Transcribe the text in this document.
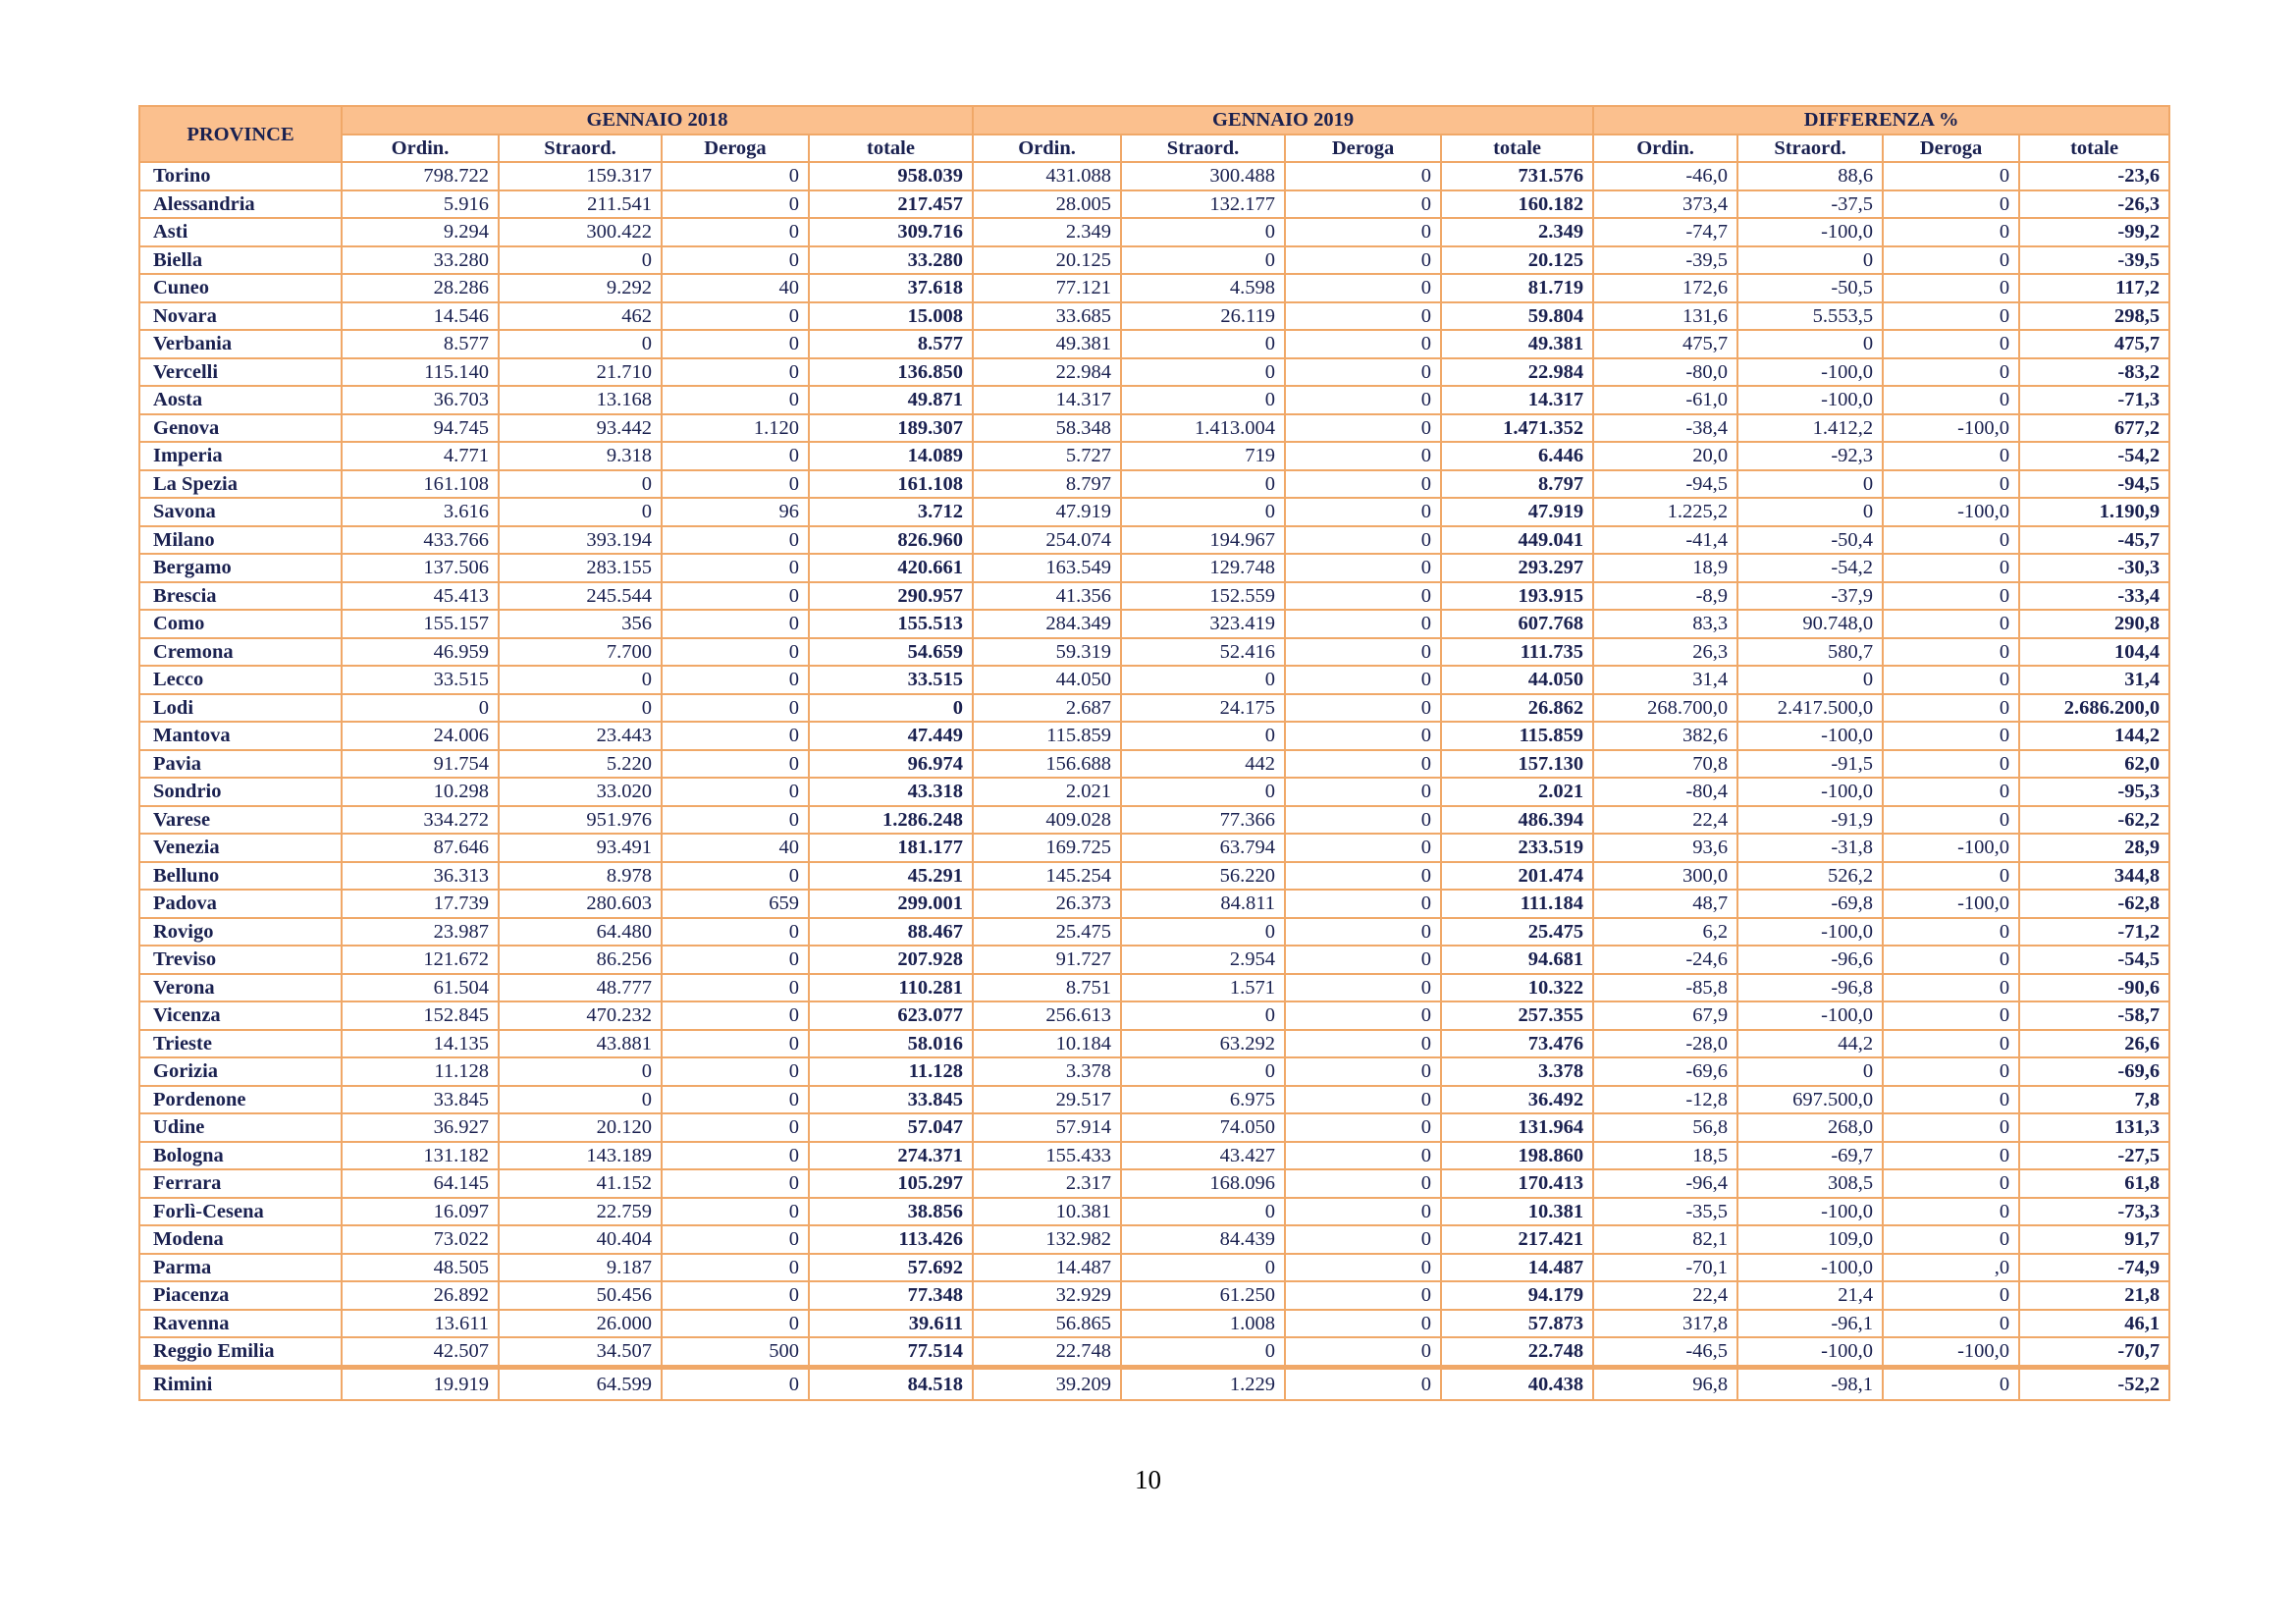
PROVINCE	GENNAIO 2018				GENNAIO 2019				DIFFERENZA %			
	Ordin.	Straord.	Deroga	totale	Ordin.	Straord.	Deroga	totale	Ordin.	Straord.	Deroga	totale
Torino	798.722	159.317	0	958.039	431.088	300.488	0	731.576	-46,0	88,6	0	-23,6
Alessandria	5.916	211.541	0	217.457	28.005	132.177	0	160.182	373,4	-37,5	0	-26,3
Asti	9.294	300.422	0	309.716	2.349	0	0	2.349	-74,7	-100,0	0	-99,2
Biella	33.280	0	0	33.280	20.125	0	0	20.125	-39,5	0	0	-39,5
Cuneo	28.286	9.292	40	37.618	77.121	4.598	0	81.719	172,6	-50,5	0	117,2
Novara	14.546	462	0	15.008	33.685	26.119	0	59.804	131,6	5.553,5	0	298,5
Verbania	8.577	0	0	8.577	49.381	0	0	49.381	475,7	0	0	475,7
Vercelli	115.140	21.710	0	136.850	22.984	0	0	22.984	-80,0	-100,0	0	-83,2
Aosta	36.703	13.168	0	49.871	14.317	0	0	14.317	-61,0	-100,0	0	-71,3
Genova	94.745	93.442	1.120	189.307	58.348	1.413.004	0	1.471.352	-38,4	1.412,2	-100,0	677,2
Imperia	4.771	9.318	0	14.089	5.727	719	0	6.446	20,0	-92,3	0	-54,2
La Spezia	161.108	0	0	161.108	8.797	0	0	8.797	-94,5	0	0	-94,5
Savona	3.616	0	96	3.712	47.919	0	0	47.919	1.225,2	0	-100,0	1.190,9
Milano	433.766	393.194	0	826.960	254.074	194.967	0	449.041	-41,4	-50,4	0	-45,7
Bergamo	137.506	283.155	0	420.661	163.549	129.748	0	293.297	18,9	-54,2	0	-30,3
Brescia	45.413	245.544	0	290.957	41.356	152.559	0	193.915	-8,9	-37,9	0	-33,4
Como	155.157	356	0	155.513	284.349	323.419	0	607.768	83,3	90.748,0	0	290,8
Cremona	46.959	7.700	0	54.659	59.319	52.416	0	111.735	26,3	580,7	0	104,4
Lecco	33.515	0	0	33.515	44.050	0	0	44.050	31,4	0	0	31,4
Lodi	0	0	0	0	2.687	24.175	0	26.862	268.700,0	2.417.500,0	0	2.686.200,0
Mantova	24.006	23.443	0	47.449	115.859	0	0	115.859	382,6	-100,0	0	144,2
Pavia	91.754	5.220	0	96.974	156.688	442	0	157.130	70,8	-91,5	0	62,0
Sondrio	10.298	33.020	0	43.318	2.021	0	0	2.021	-80,4	-100,0	0	-95,3
Varese	334.272	951.976	0	1.286.248	409.028	77.366	0	486.394	22,4	-91,9	0	-62,2
Venezia	87.646	93.491	40	181.177	169.725	63.794	0	233.519	93,6	-31,8	-100,0	28,9
Belluno	36.313	8.978	0	45.291	145.254	56.220	0	201.474	300,0	526,2	0	344,8
Padova	17.739	280.603	659	299.001	26.373	84.811	0	111.184	48,7	-69,8	-100,0	-62,8
Rovigo	23.987	64.480	0	88.467	25.475	0	0	25.475	6,2	-100,0	0	-71,2
Treviso	121.672	86.256	0	207.928	91.727	2.954	0	94.681	-24,6	-96,6	0	-54,5
Verona	61.504	48.777	0	110.281	8.751	1.571	0	10.322	-85,8	-96,8	0	-90,6
Vicenza	152.845	470.232	0	623.077	256.613	0	0	257.355	67,9	-100,0	0	-58,7
Trieste	14.135	43.881	0	58.016	10.184	63.292	0	73.476	-28,0	44,2	0	26,6
Gorizia	11.128	0	0	11.128	3.378	0	0	3.378	-69,6	0	0	-69,6
Pordenone	33.845	0	0	33.845	29.517	6.975	0	36.492	-12,8	697.500,0	0	7,8
Udine	36.927	20.120	0	57.047	57.914	74.050	0	131.964	56,8	268,0	0	131,3
Bologna	131.182	143.189	0	274.371	155.433	43.427	0	198.860	18,5	-69,7	0	-27,5
Ferrara	64.145	41.152	0	105.297	2.317	168.096	0	170.413	-96,4	308,5	0	61,8
Forlì-Cesena	16.097	22.759	0	38.856	10.381	0	0	10.381	-35,5	-100,0	0	-73,3
Modena	73.022	40.404	0	113.426	132.982	84.439	0	217.421	82,1	109,0	0	91,7
Parma	48.505	9.187	0	57.692	14.487	0	0	14.487	-70,1	-100,0	,0	-74,9
Piacenza	26.892	50.456	0	77.348	32.929	61.250	0	94.179	22,4	21,4	0	21,8
Ravenna	13.611	26.000	0	39.611	56.865	1.008	0	57.873	317,8	-96,1	0	46,1
Reggio Emilia	42.507	34.507	500	77.514	22.748	0	0	22.748	-46,5	-100,0	-100,0	-70,7
Rimini	19.919	64.599	0	84.518	39.209	1.229	0	40.438	96,8	-98,1	0	-52,2
10
